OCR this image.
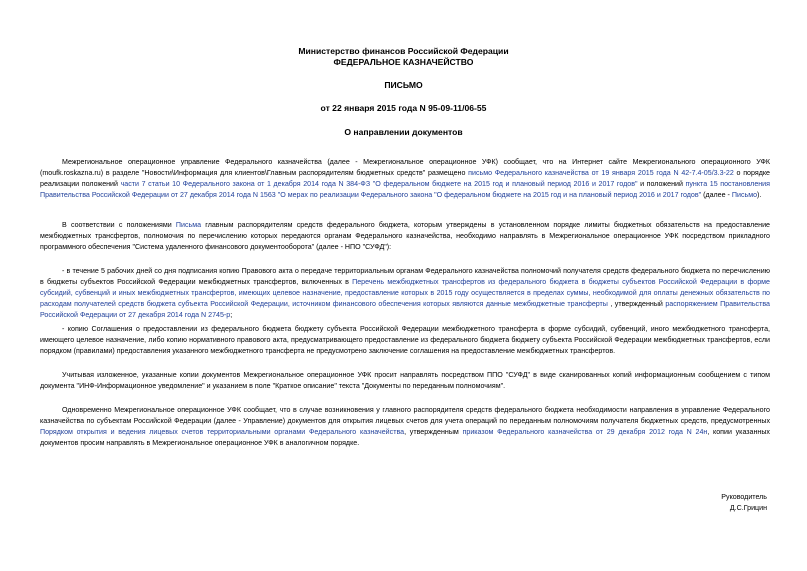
Министерство финансов Российской Федерации
ФЕДЕРАЛЬНОЕ КАЗНАЧЕЙСТВО
ПИСЬМО
от 22 января 2015 года N 95-09-11/06-55
О направлении документов
Межрегиональное операционное управление Федерального казначейства (далее - Межрегиональное операционное УФК) сообщает, что на Интернет сайте Межрегионального операционного УФК (moufk.roskazna.ru) в разделе "Новости\Информация для клиентов\Главным распорядителям бюджетных средств" размещено письмо Федерального казначейства от 19 января 2015 года N 42-7.4-05/3.3-22 о порядке реализации положений части 7 статьи 10 Федерального закона от 1 декабря 2014 года N 384-ФЗ "О федеральном бюджете на 2015 год и плановый период 2016 и 2017 годов" и положений пункта 15 постановления Правительства Российской Федерации от 27 декабря 2014 года N 1563 "О мерах по реализации Федерального закона "О федеральном бюджете на 2015 год и на плановый период 2016 и 2017 годов" (далее - Письмо).
В соответствии с положениями Письма главным распорядителям средств федерального бюджета, которым утверждены в установленном порядке лимиты бюджетных обязательств на предоставление межбюджетных трансфертов, полномочия по перечислению которых передаются органам Федерального казначейства, необходимо направлять в Межрегиональное операционное УФК посредством прикладного программного обеспечения "Система удаленного финансового документооборота" (далее - НПО "СУФД"):
- в течение 5 рабочих дней со дня подписания копию Правового акта о передаче территориальным органам Федерального казначейства полномочий получателя средств федерального бюджета по перечислению в бюджеты субъектов Российской Федерации межбюджетных трансфертов, включенных в Перечень межбюджетных трансфертов из федерального бюджета в бюджеты субъектов Российской Федерации в форме субсидий, субвенций и иных межбюджетных трансфертов, имеющих целевое назначение, предоставление которых в 2015 году осуществляется в пределах суммы, необходимой для оплаты денежных обязательств по расходам получателей средств бюджета субъекта Российской Федерации, источником финансового обеспечения которых являются данные межбюджетные трансферты , утвержденный распоряжением Правительства Российской Федерации от 27 декабря 2014 года N 2745-р;
- копию Соглашения о предоставлении из федерального бюджета бюджету субъекта Российской Федерации межбюджетного трансферта в форме субсидий, субвенций, иного межбюджетного трансферта, имеющего целевое назначение, либо копию нормативного правового акта, предусматривающего предоставление из федерального бюджета бюджету субъекта Российской Федерации межбюджетных трансфертов, если порядком (правилами) предоставления указанного межбюджетного трансферта не предусмотрено заключение соглашения на предоставление межбюджетных трансфертов.
Учитывая изложенное, указанные копии документов Межрегиональное операционное УФК просит направлять посредством ППО "СУФД" в виде сканированных копий информационным сообщением с типом документа "ИНФ-Информационное уведомление" и указанием в поле "Краткое описание" текста "Документы по переданным полномочиям".
Одновременно Межрегиональное операционное УФК сообщает, что в случае возникновения у главного распорядителя средств федерального бюджета необходимости направления в управление Федерального казначейства по субъектам Российской Федерации (далее - Управление) документов для открытия лицевых счетов для учета операций по переданным полномочиям получателя бюджетных средств, предусмотренных Порядком открытия и ведения лицевых счетов территориальными органами Федерального казначейства, утвержденным приказом Федерального казначейства от 29 декабря 2012 года N 24н, копии указанных документов просим направлять в Межрегиональное операционное УФК в аналогичном порядке.
Руководитель
Д.С.Грицин
